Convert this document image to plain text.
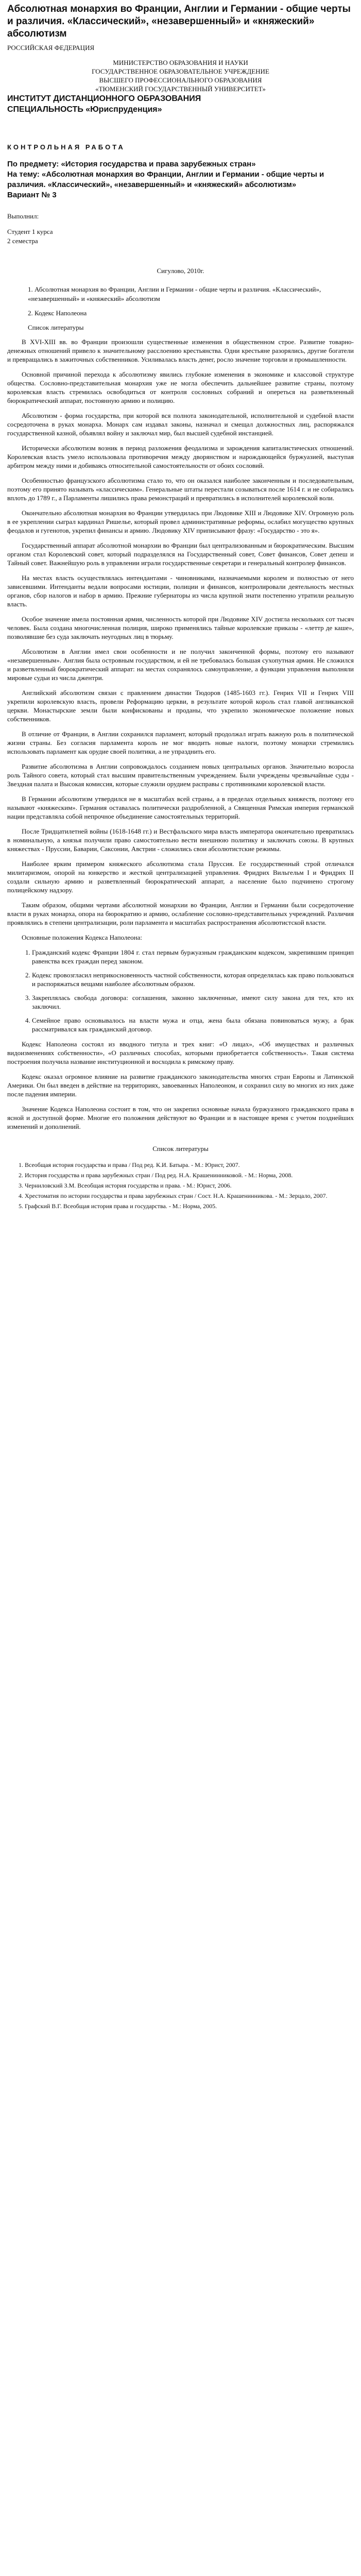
Абсолютная монархия во Франции, Англии и Германии - общие черты и различия. «Классический», «незавершенный» и «княжеский» абсолютизм
РОССИЙСКАЯ ФЕДЕРАЦИЯ
МИНИСТЕРСТВО ОБРАЗОВАНИЯ И НАУКИ
ГОСУДАРСТВЕННОЕ ОБРАЗОВАТЕЛЬНОЕ УЧРЕЖДЕНИЕ
ВЫСШЕГО ПРОФЕССИОНАЛЬНОГО ОБРАЗОВАНИЯ
«ТЮМЕНСКИЙ ГОСУДАРСТВЕННЫЙ УНИВЕРСИТЕТ»
ИНСТИТУТ ДИСТАНЦИОННОГО ОБРАЗОВАНИЯ
СПЕЦИАЛЬНОСТЬ «Юриспруденция»
КОНТРОЛЬНАЯ РАБОТА
По предмету: «История государства и права зарубежных стран»
На тему: «Абсолютная монархия во Франции, Англии и Германии - общие черты и различия. «Классический», «незавершенный» и «княжеский» абсолютизм»
Вариант № 3
Выполнил:
Студент 1 курса
2 семестра
Сигулово, 2010г.
1. Абсолютная монархия во Франции, Англии и Германии - общие черты и различия. «Классический», «незавершенный» и «княжеский» абсолютизм
2. Кодекс Наполеона
Список литературы

В XVI-XIII вв. во Франции произошли существенные изменения в общественном строе. Развитие товарно-денежных отношений привело к значительному расслоению крестьянства. Одни крестьяне разорялись, другие богатели и превращались в зажиточных собственников. Усиливалась власть денег, росло значение торговли и промышленности.

Основной причиной перехода к абсолютизму явились глубокие изменения в экономике и классовой структуре общества. Сословно-представительная монархия уже не могла обеспечить дальнейшее развитие страны, поэтому королевская власть стремилась освободиться от контроля сословных собраний и опереться на разветвленный бюрократический аппарат, постоянную армию и полицию.

Абсолютизм - форма государства, при которой вся полнота законодательной, исполнительной и судебной власти сосредоточена в руках монарха. Монарх сам издавал законы, назначал и смещал должностных лиц, распоряжался государственной казной, объявлял войну и заключал мир, был высшей судебной инстанцией.

Исторически абсолютизм возник в период разложения феодализма и зарождения капиталистических отношений. Королевская власть умело использовала противоречия между дворянством и нарождающейся буржуазией, выступая арбитром между ними и добиваясь относительной самостоятельности от обоих сословий.

Особенностью французского абсолютизма стало то, что он оказался наиболее законченным и последовательным, поэтому его принято называть «классическим». Генеральные штаты перестали созываться после 1614 г. и не собирались вплоть до 1789 г., а Парламенты лишились права ремонстраций и превратились в исполнителей королевской воли.

Окончательно абсолютная монархия во Франции утвердилась при Людовике XIII и Людовике XIV. Огромную роль в ее укреплении сыграл кардинал Ришелье, который провел административные реформы, ослабил могущество крупных феодалов и гугенотов, укрепил финансы и армию. Людовику XIV приписывают фразу: «Государство - это я».

Государственный аппарат абсолютной монархии во Франции был централизованным и бюрократическим. Высшим органом стал Королевский совет, который подразделялся на Государственный совет, Совет финансов, Совет депеш и Тайный совет. Важнейшую роль в управлении играли государственные секретари и генеральный контролер финансов.

На местах власть осуществлялась интендантами - чиновниками, назначаемыми королем и полностью от него зависевшими. Интенданты ведали вопросами юстиции, полиции и финансов, контролировали деятельность местных органов, сбор налогов и набор в армию. Прежние губернаторы из числа крупной знати постепенно утратили реальную власть.

Особое значение имела постоянная армия, численность которой при Людовике XIV достигла нескольких сот тысяч человек. Была создана многочисленная полиция, широко применялись тайные королевские приказы - «леттр де каше», позволявшие без суда заключать неугодных лиц в тюрьму.

Абсолютизм в Англии имел свои особенности и не получил законченной формы, поэтому его называют «незавершенным». Англия была островным государством, и ей не требовалась большая сухопутная армия. Не сложился и разветвленный бюрократический аппарат: на местах сохранялось самоуправление, а функции управления выполняли мировые судьи из числа джентри.

Английский абсолютизм связан с правлением династии Тюдоров (1485-1603 гг.). Генрих VII и Генрих VIII укрепили королевскую власть, провели Реформацию церкви, в результате которой король стал главой англиканской церкви. Монастырские земли были конфискованы и проданы, что укрепило экономическое положение новых собственников.

В отличие от Франции, в Англии сохранился парламент, который продолжал играть важную роль в политической жизни страны. Без согласия парламента король не мог вводить новые налоги, поэтому монархи стремились использовать парламент как орудие своей политики, а не упразднить его.

Развитие абсолютизма в Англии сопровождалось созданием новых центральных органов. Значительно возросла роль Тайного совета, который стал высшим правительственным учреждением. Были учреждены чрезвычайные суды - Звездная палата и Высокая комиссия, которые служили орудием расправы с противниками королевской власти.

В Германии абсолютизм утвердился не в масштабах всей страны, а в пределах отдельных княжеств, поэтому его называют «княжеским». Германия оставалась политически раздробленной, а Священная Римская империя германской нации представляла собой непрочное объединение самостоятельных территорий.

После Тридцатилетней войны (1618-1648 гг.) и Вестфальского мира власть императора окончательно превратилась в номинальную, а князья получили право самостоятельно вести внешнюю политику и заключать союзы. В крупных княжествах - Пруссии, Баварии, Саксонии, Австрии - сложились свои абсолютистские режимы.

Наиболее ярким примером княжеского абсолютизма стала Пруссия. Ее государственный строй отличался милитаризмом, опорой на юнкерство и жесткой централизацией управления. Фридрих Вильгельм I и Фридрих II создали сильную армию и разветвленный бюрократический аппарат, а население было подчинено строгому полицейскому надзору.

Таким образом, общими чертами абсолютной монархии во Франции, Англии и Германии были сосредоточение власти в руках монарха, опора на бюрократию и армию, ослабление сословно-представительных учреждений. Различия проявлялись в степени централизации, роли парламента и масштабах распространения абсолютистской власти.

Основные положения Кодекса Наполеона:

1. Гражданский кодекс Франции 1804 г. стал первым буржуазным гражданским кодексом, закрепившим принцип равенства всех граждан перед законом.
2. Кодекс провозгласил неприкосновенность частной собственности, которая определялась как право пользоваться и распоряжаться вещами наиболее абсолютным образом.
3. Закреплялась свобода договора: соглашения, законно заключенные, имеют силу закона для тех, кто их заключил.
4. Семейное право основывалось на власти мужа и отца, жена была обязана повиноваться мужу, а брак рассматривался как гражданский договор.

Кодекс Наполеона состоял из вводного титула и трех книг: «О лицах», «Об имуществах и различных видоизменениях собственности», «О различных способах, которыми приобретается собственность». Такая система построения получила название институционной и восходила к римскому праву.

Кодекс оказал огромное влияние на развитие гражданского законодательства многих стран Европы и Латинской Америки. Он был введен в действие на территориях, завоеванных Наполеоном, и сохранил силу во многих из них даже после падения империи.

Значение Кодекса Наполеона состоит в том, что он закрепил основные начала буржуазного гражданского права в ясной и доступной форме. Многие его положения действуют во Франции и в настоящее время с учетом позднейших изменений и дополнений.

Список литературы
1. Всеобщая история государства и права / Под ред. К.И. Батыра. - М.: Юрист, 2007.
2. История государства и права зарубежных стран / Под ред. Н.А. Крашенинниковой. - М.: Норма, 2008.
3. Черниловский З.М. Всеобщая история государства и права. - М.: Юрист, 2006.
4. Хрестоматия по истории государства и права зарубежных стран / Сост. Н.А. Крашенинникова. - М.: Зерцало, 2007.
5. Графский В.Г. Всеобщая история права и государства. - М.: Норма, 2005.
